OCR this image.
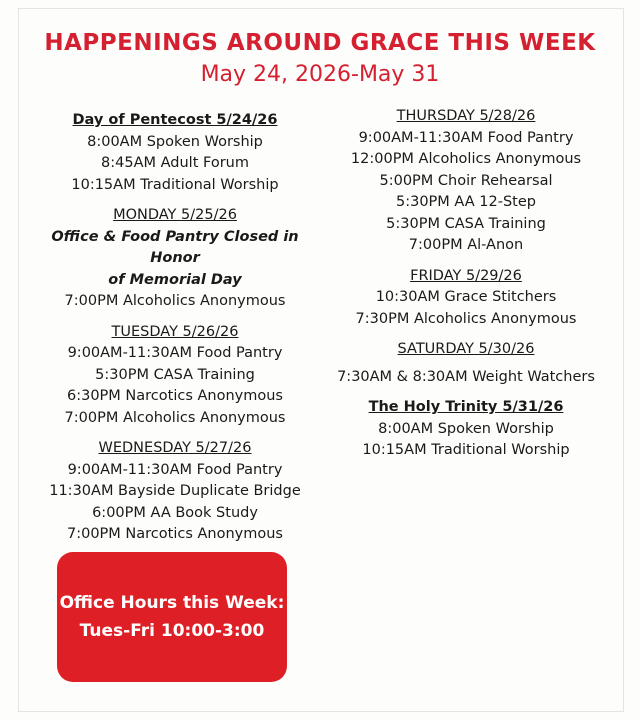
HAPPENINGS AROUND GRACE THIS WEEK
May 24, 2026-May 31
Day of Pentecost 5/24/26
8:00AM Spoken Worship
8:45AM Adult Forum
10:15AM Traditional Worship
MONDAY 5/25/26
Office & Food Pantry Closed in Honor
of Memorial Day
7:00PM Alcoholics Anonymous
TUESDAY 5/26/26
9:00AM-11:30AM Food Pantry
5:30PM CASA Training
6:30PM Narcotics Anonymous
7:00PM Alcoholics Anonymous
WEDNESDAY 5/27/26
9:00AM-11:30AM Food Pantry
11:30AM Bayside Duplicate Bridge
6:00PM AA Book Study
7:00PM Narcotics Anonymous
THURSDAY 5/28/26
9:00AM-11:30AM Food Pantry
12:00PM Alcoholics Anonymous
5:00PM Choir Rehearsal
5:30PM AA 12-Step
5:30PM CASA Training
7:00PM Al-Anon
FRIDAY 5/29/26
10:30AM Grace Stitchers
7:30PM Alcoholics Anonymous
SATURDAY 5/30/26
7:30AM & 8:30AM Weight Watchers
The Holy Trinity 5/31/26
8:00AM Spoken Worship
10:15AM Traditional Worship
Office Hours this Week:
Tues-Fri 10:00-3:00
